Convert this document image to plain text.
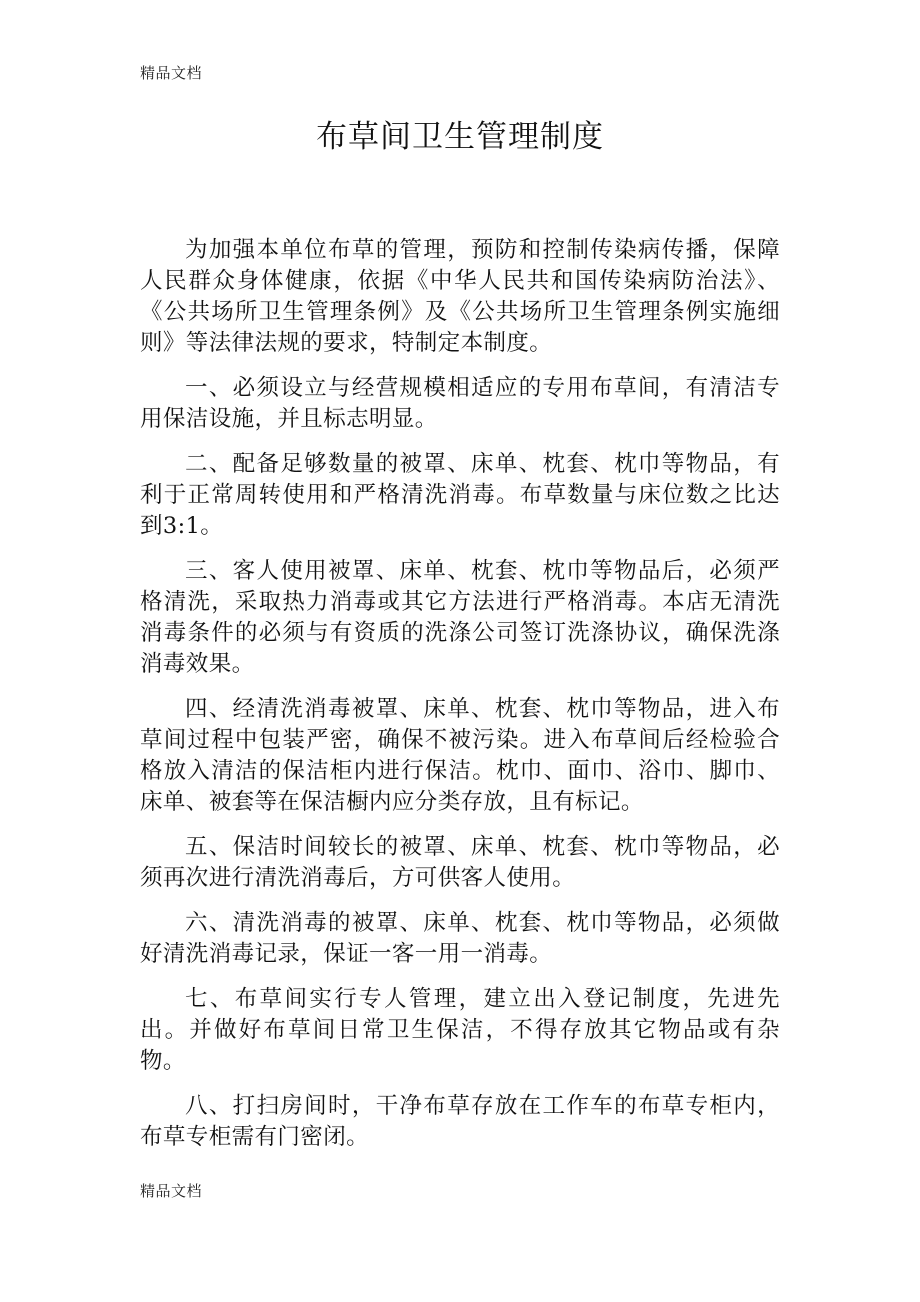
精品文档
布草间卫生管理制度

为加强本单位布草的管理，预防和控制传染病传播，保障人民群众身体健康，依据《中华人民共和国传染病防治法》、《公共场所卫生管理条例》及《公共场所卫生管理条例实施细则》等法律法规的要求，特制定本制度。

一、必须设立与经营规模相适应的专用布草间，有清洁专用保洁设施，并且标志明显。

二、配备足够数量的被罩、床单、枕套、枕巾等物品，有利于正常周转使用和严格清洗消毒。布草数量与床位数之比达到3:1。

三、客人使用被罩、床单、枕套、枕巾等物品后，必须严格清洗，采取热力消毒或其它方法进行严格消毒。本店无清洗消毒条件的必须与有资质的洗涤公司签订洗涤协议，确保洗涤消毒效果。

四、经清洗消毒被罩、床单、枕套、枕巾等物品，进入布草间过程中包装严密，确保不被污染。进入布草间后经检验合格放入清洁的保洁柜内进行保洁。枕巾、面巾、浴巾、脚巾、床单、被套等在保洁橱内应分类存放，且有标记。

五、保洁时间较长的被罩、床单、枕套、枕巾等物品，必须再次进行清洗消毒后，方可供客人使用。

六、清洗消毒的被罩、床单、枕套、枕巾等物品，必须做好清洗消毒记录，保证一客一用一消毒。

七、布草间实行专人管理，建立出入登记制度，先进先出。并做好布草间日常卫生保洁，不得存放其它物品或有杂物。

八、打扫房间时，干净布草存放在工作车的布草专柜内，布草专柜需有门密闭。

精品文档
